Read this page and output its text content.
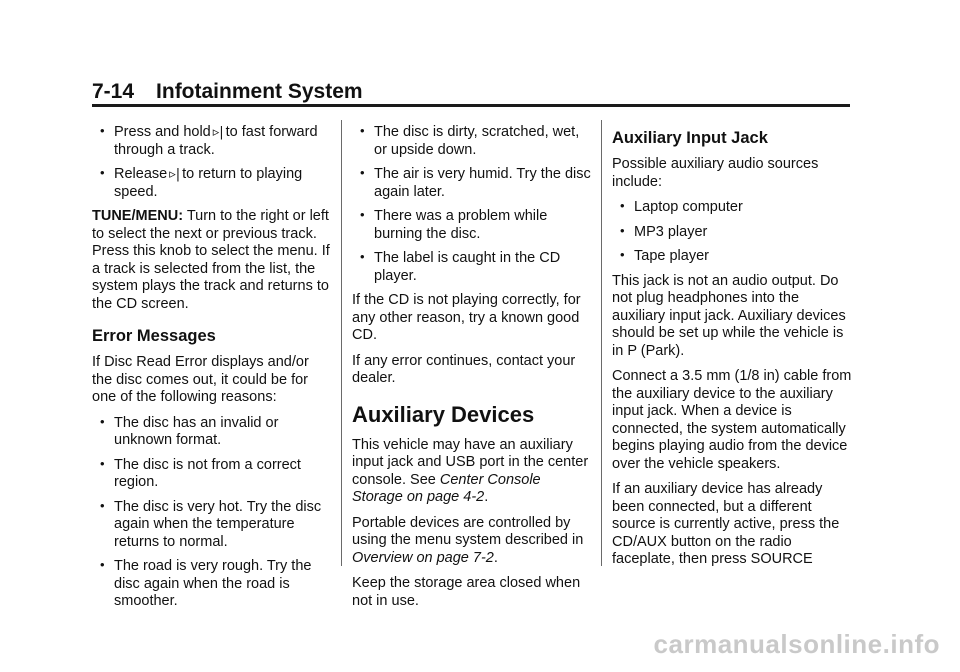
7-14 Infotainment System
• Press and hold ▹| to fast forward through a track.
• Release ▹| to return to playing speed.

TUNE/MENU: Turn to the right or left to select the next or previous track. Press this knob to select the menu. If a track is selected from the list, the system plays the track and returns to the CD screen.

Error Messages

If Disc Read Error displays and/or the disc comes out, it could be for one of the following reasons:

• The disc has an invalid or unknown format.
• The disc is not from a correct region.
• The disc is very hot. Try the disc again when the temperature returns to normal.
• The road is very rough. Try the disc again when the road is smoother.
• The disc is dirty, scratched, wet, or upside down.
• The air is very humid. Try the disc again later.
• There was a problem while burning the disc.
• The label is caught in the CD player.

If the CD is not playing correctly, for any other reason, try a known good CD.

If any error continues, contact your dealer.

Auxiliary Devices

This vehicle may have an auxiliary input jack and USB port in the center console. See Center Console Storage on page 4-2.

Portable devices are controlled by using the menu system described in Overview on page 7-2.

Keep the storage area closed when not in use.

Auxiliary Input Jack

Possible auxiliary audio sources include:

• Laptop computer
• MP3 player
• Tape player

This jack is not an audio output. Do not plug headphones into the auxiliary input jack. Auxiliary devices should be set up while the vehicle is in P (Park).

Connect a 3.5 mm (1/8 in) cable from the auxiliary device to the auxiliary input jack. When a device is connected, the system automatically begins playing audio from the device over the vehicle speakers.

If an auxiliary device has already been connected, but a different source is currently active, press the CD/AUX button on the radio faceplate, then press SOURCE

carmanualsonline.info
